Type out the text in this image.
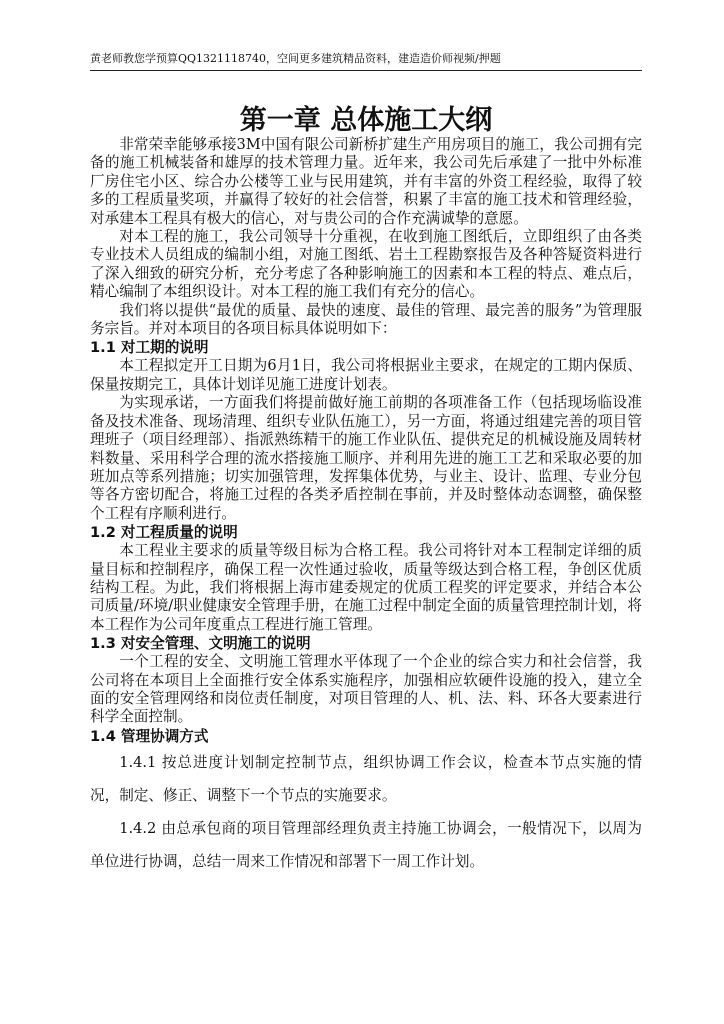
黄老师教您学预算QQ1321118740，空间更多建筑精品资料，建造造价师视频/押题
第一章 总体施工大纲

非常荣幸能够承接3M中国有限公司新桥扩建生产用房项目的施工，我公司拥有完备的施工机械装备和雄厚的技术管理力量。近年来，我公司先后承建了一批中外标准厂房住宅小区、综合办公楼等工业与民用建筑，并有丰富的外资工程经验，取得了较多的工程质量奖项，并赢得了较好的社会信誉，积累了丰富的施工技术和管理经验，对承建本工程具有极大的信心，对与贵公司的合作充满诚挚的意愿。

对本工程的施工，我公司领导十分重视，在收到施工图纸后，立即组织了由各类专业技术人员组成的编制小组，对施工图纸、岩土工程勘察报告及各种答疑资料进行了深入细致的研究分析，充分考虑了各种影响施工的因素和本工程的特点、难点后，精心编制了本组织设计。对本工程的施工我们有充分的信心。

我们将以提供“最优的质量、最快的速度、最佳的管理、最完善的服务”为管理服务宗旨。并对本项目的各项目标具体说明如下：

1.1 对工期的说明

本工程拟定开工日期为6月1日，我公司将根据业主要求，在规定的工期内保质、保量按期完工，具体计划详见施工进度计划表。

为实现承诺，一方面我们将提前做好施工前期的各项准备工作（包括现场临设准备及技术准备、现场清理、组织专业队伍施工），另一方面，将通过组建完善的项目管理班子（项目经理部）、指派熟练精干的施工作业队伍、提供充足的机械设施及周转材料数量、采用科学合理的流水搭接施工顺序、并利用先进的施工工艺和采取必要的加班加点等系列措施；切实加强管理，发挥集体优势，与业主、设计、监理、专业分包等各方密切配合，将施工过程的各类矛盾控制在事前，并及时整体动态调整，确保整个工程有序顺利进行。

1.2 对工程质量的说明

本工程业主要求的质量等级目标为合格工程。我公司将针对本工程制定详细的质量目标和控制程序，确保工程一次性通过验收，质量等级达到合格工程，争创区优质结构工程。为此，我们将根据上海市建委规定的优质工程奖的评定要求，并结合本公司质量/环境/职业健康安全管理手册，在施工过程中制定全面的质量管理控制计划，将本工程作为公司年度重点工程进行施工管理。

1.3 对安全管理、文明施工的说明

一个工程的安全、文明施工管理水平体现了一个企业的综合实力和社会信誉，我公司将在本项目上全面推行安全体系实施程序，加强相应软硬件设施的投入，建立全面的安全管理网络和岗位责任制度，对项目管理的人、机、法、料、环各大要素进行科学全面控制。

1.4 管理协调方式

1.4.1 按总进度计划制定控制节点，组织协调工作会议，检查本节点实施的情况，制定、修正、调整下一个节点的实施要求。

1.4.2 由总承包商的项目管理部经理负责主持施工协调会，一般情况下，以周为单位进行协调，总结一周来工作情况和部署下一周工作计划。
